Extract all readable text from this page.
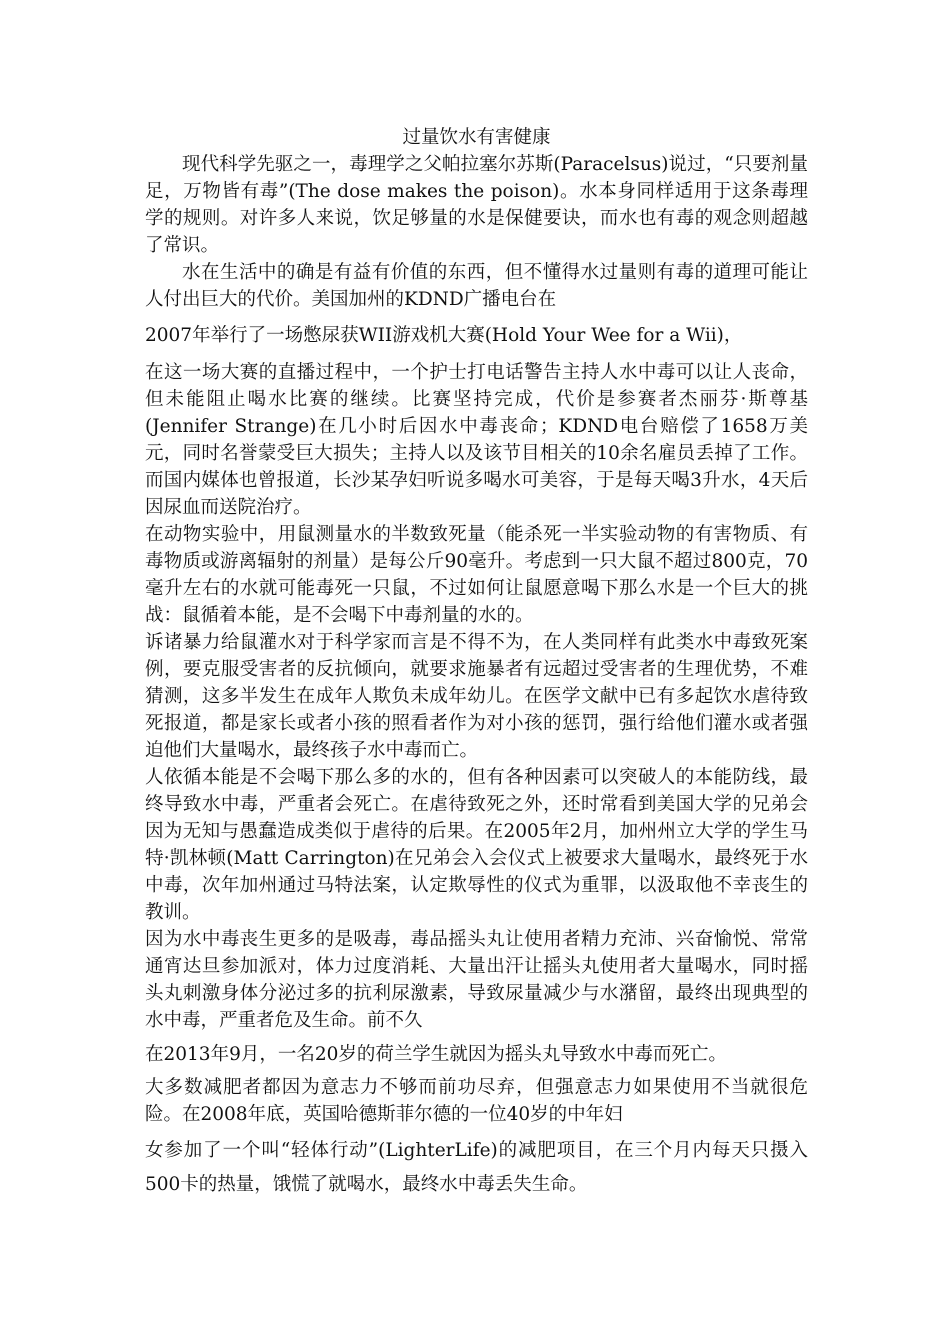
过量饮水有害健康

现代科学先驱之一，毒理学之父帕拉塞尔苏斯(Paracelsus)说过，“只要剂量足，万物皆有毒”(The dose makes the poison)。水本身同样适用于这条毒理学的规则。对许多人来说，饮足够量的水是保健要诀，而水也有毒的观念则超越了常识。

水在生活中的确是有益有价值的东西，但不懂得水过量则有毒的道理可能让人付出巨大的代价。美国加州的KDND广播电台在

2007年举行了一场憋尿获WII游戏机大赛(Hold Your Wee for a Wii)，

在这一场大赛的直播过程中，一个护士打电话警告主持人水中毒可以让人丧命，但未能阻止喝水比赛的继续。比赛坚持完成，代价是参赛者杰丽芬·斯尊基(Jennifer Strange)在几小时后因水中毒丧命；KDND电台赔偿了1658万美元，同时名誉蒙受巨大损失；主持人以及该节目相关的10余名雇员丢掉了工作。而国内媒体也曾报道，长沙某孕妇听说多喝水可美容，于是每天喝3升水，4天后因尿血而送院治疗。

在动物实验中，用鼠测量水的半数致死量（能杀死一半实验动物的有害物质、有毒物质或游离辐射的剂量）是每公斤90毫升。考虑到一只大鼠不超过800克，70毫升左右的水就可能毒死一只鼠，不过如何让鼠愿意喝下那么水是一个巨大的挑战：鼠循着本能，是不会喝下中毒剂量的水的。

诉诸暴力给鼠灌水对于科学家而言是不得不为，在人类同样有此类水中毒致死案例，要克服受害者的反抗倾向，就要求施暴者有远超过受害者的生理优势，不难猜测，这多半发生在成年人欺负未成年幼儿。在医学文献中已有多起饮水虐待致死报道，都是家长或者小孩的照看者作为对小孩的惩罚，强行给他们灌水或者强迫他们大量喝水，最终孩子水中毒而亡。

人依循本能是不会喝下那么多的水的，但有各种因素可以突破人的本能防线，最终导致水中毒，严重者会死亡。在虐待致死之外，还时常看到美国大学的兄弟会因为无知与愚蠢造成类似于虐待的后果。在2005年2月，加州州立大学的学生马特·凯林顿(Matt Carrington)在兄弟会入会仪式上被要求大量喝水，最终死于水中毒，次年加州通过马特法案，认定欺辱性的仪式为重罪，以汲取他不幸丧生的教训。

因为水中毒丧生更多的是吸毒，毒品摇头丸让使用者精力充沛、兴奋愉悦、常常通宵达旦参加派对，体力过度消耗、大量出汗让摇头丸使用者大量喝水，同时摇头丸刺激身体分泌过多的抗利尿激素，导致尿量减少与水潴留，最终出现典型的水中毒，严重者危及生命。前不久

在2013年9月，一名20岁的荷兰学生就因为摇头丸导致水中毒而死亡。

大多数减肥者都因为意志力不够而前功尽弃，但强意志力如果使用不当就很危险。在2008年底，英国哈德斯菲尔德的一位40岁的中年妇

女参加了一个叫“轻体行动”(LighterLife)的减肥项目，在三个月内每天只摄入500卡的热量，饿慌了就喝水，最终水中毒丢失生命。
